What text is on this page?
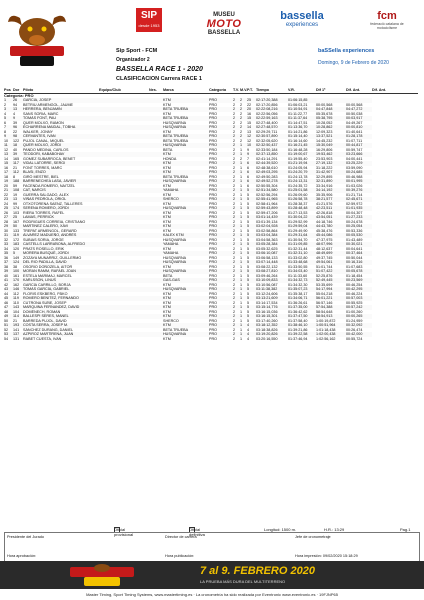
SIP
desde 1953
MUSEU
MOTO
BASSELLA
bassella
experiences
fcm
federació catalana de motociclisme
Sip Sport - FCM
Organizador 2
BASSELLA RACE 1 - 2020
CLASIFICACION Carrera RACE 1
baSSella experiences
Domingo, 9 de Febrero de 2020
Pos	Dor	Piloto	Equipo/Club	Nes.	Marca	Categoría	T.V.	M.V.	P.T.	Tiempo	V.R.	Dif 1ª	Dif. Ant.	Dif. Ant.
Categoría: PRO														
1	26	GARCIA, JOSEP			KTM	PRO	2	2	25	02:17:20,388	01:06:15,85			
2	94	BETRIU ARMENGOL, JAUME			KTM	PRO	2	2	22	02:17:20,856	01:06:03,21	00:00,568	00:00,568	
3	13	HERRERA, BENJAMIN			BETA TRUEBA	PRO	2	2	20	02:22:08,216	01:10:54,91	04:47,848	04:47,272	
4	4	SANS SORIA, MARC			KTM	PRO	2	2	16	02:22:56,056	01:11:22,77	05:35,678	00:50,038	
5	9	TOMÀS FONT, PAU			BETA TRUEBA	PRO	2	2	15	02:22:59,163	01:11:37,64	05:38,795	00:03,917	
6	39	QUER MOLXÓ, RAMON			HUSQVARNA	PRO	2	2	15	02:27:48,400	01:14:47,51	10:28,052	04:49,267	
7	96	ECHARRENA MAIDAL, TOBHA			HUSQVARNA	PRO	2	2	14	02:27:48,570	01:13:36,70	10:28,862	00:00,810	
8	22	WALKER, JONNY			KTM	PRO	2	2	13	02:29:29,711	01:14:21,86	12:09,323	01:40,641	
9	98	CERVANTES, IVAN			BETA TRUEBA	PRO	2	2	12	02:30:57,890	01:15:14,40	13:37,521	01:28,178	
10	122	PUJOL CANAL, MIQUEL			BETA TRUEBA	PRO	2	2	12	02:32:05,620	01:16:14,60	14:45,232	01:07,711	
11	18	QUER MOLXÓ, JORDI			HUSQVARNA	PRO	2	1	10	02:32:50,437	01:16:21,45	15:30,049	00:44,817	
12	40	PANDO MEDINA, CARLOS			BETA	PRO	2	1	9	02:33:50,184	01:16:48,28	16:29,806	00:59,747	
13	39	TEODORI, KABABOHAV			KTM	PRO	2	1	9	02:37:13,850	01:19:00,67	19:53,462	03:23,666	
14	165	GOMEZ SUBARROCA, BENET			HONDA	PRO	2	2	7	02:41:14,291	01:19:55,40	23:53,903	04:00,441	
15	117	VIDAL LATORRE, SERGI			KTM	PRO	2	1	6	02:44:39,520	01:21:19,94	27:19,132	03:25,229	
16	21	FONT TORRES, MARC			KTM	PRO	2	1	6	02:48:38,610	01:24:05,94	31:18,222	03:59,090	
17	112	BLASI, ENZO			KTM	PRO	2	1	6	02:49:03,295	01:24:20,79	31:42,907	00:24,685	
18	8	GIRÓ MESTRE, BIEL			BETA TRUEBA	PRO	2	1	6	02:49:50,283	01:24:13,78	32:29,895	00:46,988	
19	188	BARRENECHEA LASA, JAVIER			HUSQVARNA	PRO	2	1	6	02:49:52,278	01:24:13,31	32:31,890	00:01,995	
20	59	FACENDA ROMERO, NAITZEL			KTM	PRO	2	1	6	02:50:55,304	01:24:35,72	33:34,916	01:03,026	
21	108	CAT, NARCIS			YAMAHA	PRO	2	1	5	02:51:34,580	01:25:01,58	34:14,192	00:39,276	
22	19	GUERRA SALGADO, ALEX			KTM	PRO	2	1	5	02:52:56,294	01:26:09,60	35:35,906	01:21,714	
23	13	VIÑAS PEDROLA, ORIOL			SHERCO	PRO	2	1	5	02:55:41,965	01:26:58,78	38:21,577	02:45,671	
24	99	OTXOTORENA SAENZ, TALLERES			KTM	PRO	2	1	5	02:58:41,964	01:28:38,37	41:21,576	02:59,972	
25	174	SERENA ROMERO, JORDI			HUSQVARNA	PRO	2	1	5	02:59:43,899	01:28:48,48	42:23,511	01:01,935	
26	103	RIERA TORRES, RAFEL			KTM	PRO	2	1	5	02:59:47,206	01:27:13,53	42:26,818	00:04,307	
27	25	LAMAS, PERRICK			KTM	PRO	2	1	5	03:01:14,439	01:30:04,22	43:54,051	01:27,233	
28	167	RODRIGUES CORREIA, CRISTIANO			KTM	PRO	2	1	5	03:01:39,134	01:29:52,99	44:18,746	00:24,678	
29	50	MARTINEZ CALERO, XAVI			KTM	PRO	2	1	5	03:02:04,928	01:29:59,04	44:43,780	00:25,054	
30	133	TREPAT ARMENGOL, GERARD			KTM	PRO	2	1	5	03:02:58,864	01:29:49,90	45:38,476	00:53,336	
31	119	ÁLVAREZ MADUEÑO, ANDRÉS			KALEX KTM	PRO	2	1	5	03:03:04,384	01:29:31,64	45:44,086	00:05,530	
32	172	SUBIAS SORIA, JORGE			HUSQVARNA	PRO	2	1	5	03:04:58,363	01:30:54,70	47:37,975	01:43,489	
33	183	CASTELLS LARRAÑONA, ALFREDO			YAMAHA	PRO	2	1	5	03:05:28,384	01:31:09,85	48:07,996	00:30,021	
34	120	PRATS ROSELLO, ERIK			KTM	PRO	2	1	5	03:05:32,625	01:32:31,44	48:12,637	00:04,641	
35	5	MORERA BUSQUÉ, JORDI			YAMAHA	PRO	2	1	5	03:06:10,087	01:32:31,10	48:49,699	00:37,464	
36	149	ZOZAYA MUNARRIZ, GUILLERMO			HUSQVARNA	PRO	2	1	5	03:06:58,133	01:33:02,80	49:37,745	00:50,044	
37	124	DEL RIO PADILLA, DAVID			HUSQVARNA	PRO	2	1	5	03:07:14,448	01:33:48,68	49:54,061	00:16,316	
38	38	OSORIO DOÑOZELA, AITOR			KTM	PRO	2	1	5	03:08:22,132	01:33:50,55	51:01,744	01:07,683	
39	100	MORAN RAMM, RAFAEL JOAN			HUSQVARNA	PRO	2	1	5	03:08:27,810	01:34:03,40	51:07,422	00:05,678	
40	161	ESTELA MARIMAJ, MARCEL			BETA	PRO	2	1	5	03:09:46,264	01:11:33,60	52:25,876	01:18,454	
41	170	KARLSSON, LINUS			GAS-GAS	PRO	2	1	5	03:10:09,833	01:34:32,73	52:49,445	00:23,569	
42	162	GARCÍA CARRILLO, BORJA			KTM	PRO	2	1	5	03:10:56,087	01:34:32,30	53:35,699	00:46,254	
43	146	TOMÀS GARCÍA, GABRIEL			HUSQVARNA	PRO	2	1	5	03:11:38,382	01:35:07,23	54:17,994	00:42,295	
44	112	FLORIS ESKBERG, PÅKO			KTM	PRO	2	1	5	03:12:24,606	01:35:38,17	55:04,218	00:46,224	
45	119	ROMERO BENITEZ, FERNANDO			KTM	PRO	2	1	5	03:13:21,609	01:34:06,71	56:01,221	00:57,003	
46	110	CUTRONA SUÑE, JOSEP			KTM	PRO	2	1	5	03:14:17,534	01:36:26,61	56:57,146	00:55,925	
47	143	MARQUINA FERNANDEZ, DAVID			KTM	PRO	2	1	5	03:15:14,776	01:37:35,00	57:54,388	00:57,242	
48	104	DOMÈNECH, ROMAN			KTM	PRO	2	1	5	03:16:15,036	01:36:42,62	58:54,648	01:00,260	
49	114	BALLESPI SERES, MANEL			KTM	PRO	2	1	5	03:16:15,301	01:37:47,50	58:54,913	00:00,265	
50	21	BARREDA PUJOL, DAVID			SHERCO	PRO	2	1	5	03:17:40,260	01:37:58,40	1:00:19,872	01:24,959	
51	193	COSTA SERRA, JOSEP M.			KTM	PRO	2	1	4	03:18:12,352	01:38:46,10	1:00:51,964	00:32,092	
52	141	SÁNCHEZ DURANG, DANIEL			BETA TRUEBA	PRO	2	1	4	03:18:38,826	01:39:21,86	1:01:18,438	00:26,474	
53	137	AZPIROZ MARTÍRENA, JUAN			HUSQVARNA	PRO	2	1	4	03:19:20,826	01:39:22,58	1:02:00,438	00:42,000	
54	131	RABET CUESTA, IVAN			KTM	PRO	2	1	4	03:20:16,550	01:37:46,94	1:02:56,162	00:55,724	
Oficial provisional
Oficial definitiva
Longitud: 1500 m.	H.R.: 13:29	Pag.1
Presidente del Jurado	Director de carrera	Jefe de cronometraje
Hora aprobación:	Hora publicación:	Hora impresión: 09/02/2020 15:18:29
7 al 9. FEBRERO 2020
LA PRUEBA MÁS DURA DEL MULTITERRENO
Master Timing, Sport Timing Systems, www.mastertiming.es · La cronometría ha sido realizada por Eventronic www.eventronic.es · 19FJNP65
